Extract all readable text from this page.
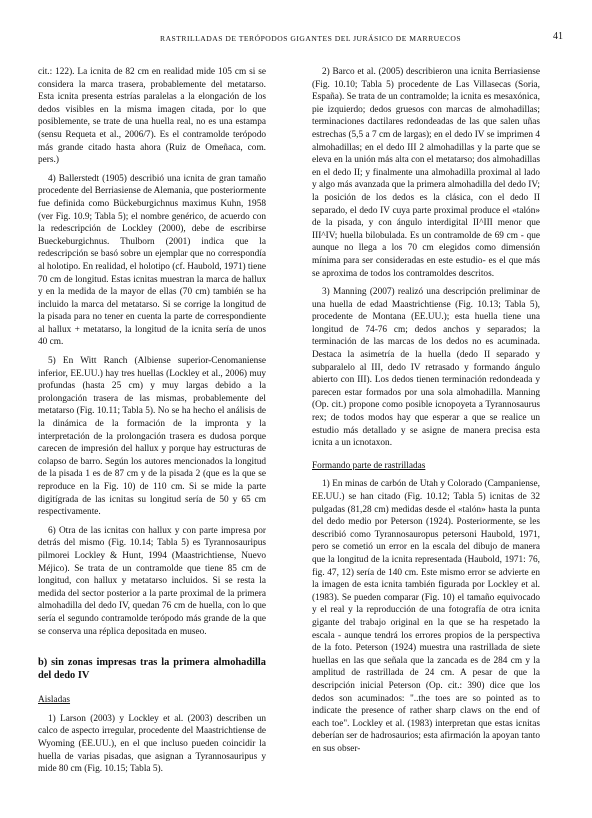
RASTRILLADAS DE TERÓPODOS GIGANTES DEL JURÁSICO DE MARRUECOS	41

cit.: 122). La icnita de 82 cm en realidad mide 105 cm si se considera la marca trasera, probablemente del metatarso. Esta icnita presenta estrías paralelas a la elongación de los dedos visibles en la misma imagen citada, por lo que posiblemente, se trate de una huella real, no es una estampa (sensu Requeta et al., 2006/7). Es el contramolde terópodo más grande citado hasta ahora (Ruiz de Omeñaca, com. pers.)

4) Ballerstedt (1905) describió una icnita de gran tamaño procedente del Berriasiense de Alemania, que posteriormente fue definida como Bückeburgichnus maximus Kuhn, 1958 (ver Fig. 10.9; Tabla 5); el nombre genérico, de acuerdo con la redescripción de Lockley (2000), debe de escribirse Bueckeburgichnus. Thulborn (2001) indica que la redescripción se basó sobre un ejemplar que no correspondía al holotipo. En realidad, el holotipo (cf. Haubold, 1971) tiene 70 cm de longitud. Estas icnitas muestran la marca de hallux y en la medida de la mayor de ellas (70 cm) también se ha incluido la marca del metatarso. Si se corrige la longitud de la pisada para no tener en cuenta la parte de correspondiente al hallux + metatarso, la longitud de la icnita sería de unos 40 cm.

5) En Witt Ranch (Albiense superior-Cenomaniense inferior, EE.UU.) hay tres huellas (Lockley et al., 2006) muy profundas (hasta 25 cm) y muy largas debido a la prolongación trasera de las mismas, probablemente del metatarso (Fig. 10.11; Tabla 5). No se ha hecho el análisis de la dinámica de la formación de la impronta y la interpretación de la prolongación trasera es dudosa porque carecen de impresión del hallux y porque hay estructuras de colapso de barro. Según los autores mencionados la longitud de la pisada 1 es de 87 cm y de la pisada 2 (que es la que se reproduce en la Fig. 10) de 110 cm. Si se mide la parte digitígrada de las icnitas su longitud sería de 50 y 65 cm respectivamente.

6) Otra de las icnitas con hallux y con parte impresa por detrás del mismo (Fig. 10.14; Tabla 5) es Tyrannosauripus pilmorei Lockley & Hunt, 1994 (Maastrichtiense, Nuevo Méjico). Se trata de un contramolde que tiene 85 cm de longitud, con hallux y metatarso incluidos. Si se resta la medida del sector posterior a la parte proximal de la primera almohadilla del dedo IV, quedan 76 cm de huella, con lo que sería el segundo contramolde terópodo más grande de la que se conserva una réplica depositada en museo.

b) sin zonas impresas tras la primera almohadilla del dedo IV

Aisladas

1) Larson (2003) y Lockley et al. (2003) describen un calco de aspecto irregular, procedente del Maastrichtiense de Wyoming (EE.UU.), en el que incluso pueden coincidir la huella de varias pisadas, que asignan a Tyrannosauripus y mide 80 cm (Fig. 10.15; Tabla 5).

2) Barco et al. (2005) describieron una icnita Berriasiense (Fig. 10.10; Tabla 5) procedente de Las Villasecas (Soria, España). Se trata de un contramolde; la icnita es mesaxónica, pie izquierdo; dedos gruesos con marcas de almohadillas; terminaciones dactilares redondeadas de las que salen uñas estrechas (5,5 a 7 cm de largas); en el dedo IV se imprimen 4 almohadillas; en el dedo III 2 almohadillas y la parte que se eleva en la unión más alta con el metatarso; dos almohadillas en el dedo II; y finalmente una almohadilla proximal al lado y algo más avanzada que la primera almohadilla del dedo IV; la posición de los dedos es la clásica, con el dedo II separado, el dedo IV cuya parte proximal produce el «talón» de la pisada, y con ángulo interdigital II^III menor que III^IV; huella bilobulada. Es un contramolde de 69 cm - que aunque no llega a los 70 cm elegidos como dimensión mínima para ser consideradas en este estudio- es el que más se aproxima de todos los contramoldes descritos.

3) Manning (2007) realizó una descripción preliminar de una huella de edad Maastrichtiense (Fig. 10.13; Tabla 5), procedente de Montana (EE.UU.); esta huella tiene una longitud de 74-76 cm; dedos anchos y separados; la terminación de las marcas de los dedos no es acuminada. Destaca la asimetría de la huella (dedo II separado y subparalelo al III, dedo IV retrasado y formando ángulo abierto con III). Los dedos tienen terminación redondeada y parecen estar formados por una sola almohadilla. Manning (Op. cit.) propone como posible icnopoyeta a Tyrannosaurus rex; de todos modos hay que esperar a que se realice un estudio más detallado y se asigne de manera precisa esta icnita a un icnotaxon.

Formando parte de rastrilladas

1) En minas de carbón de Utah y Colorado (Campaniense, EE.UU.) se han citado (Fig. 10.12; Tabla 5) icnitas de 32 pulgadas (81,28 cm) medidas desde el «talón» hasta la punta del dedo medio por Peterson (1924). Posteriormente, se les describió como Tyrannosauropus petersoni Haubold, 1971, pero se cometió un error en la escala del dibujo de manera que la longitud de la icnita representada (Haubold, 1971: 76, fig. 47, 12) sería de 140 cm. Este mismo error se advierte en la imagen de esta icnita también figurada por Lockley et al. (1983). Se pueden comparar (Fig. 10) el tamaño equivocado y el real y la reproducción de una fotografía de otra icnita gigante del trabajo original en la que se ha respetado la escala - aunque tendrá los errores propios de la perspectiva de la foto. Peterson (1924) muestra una rastrillada de siete huellas en las que señala que la zancada es de 284 cm y la amplitud de rastrillada de 24 cm. A pesar de que la descripción inicial Peterson (Op. cit.: 390) dice que los dedos son acuminados: "..the toes are so pointed as to indicate the presence of rather sharp claws on the end of each toe". Lockley et al. (1983) interpretan que estas icnitas deberían ser de hadrosaurios; esta afirmación la apoyan tanto en sus obser-
